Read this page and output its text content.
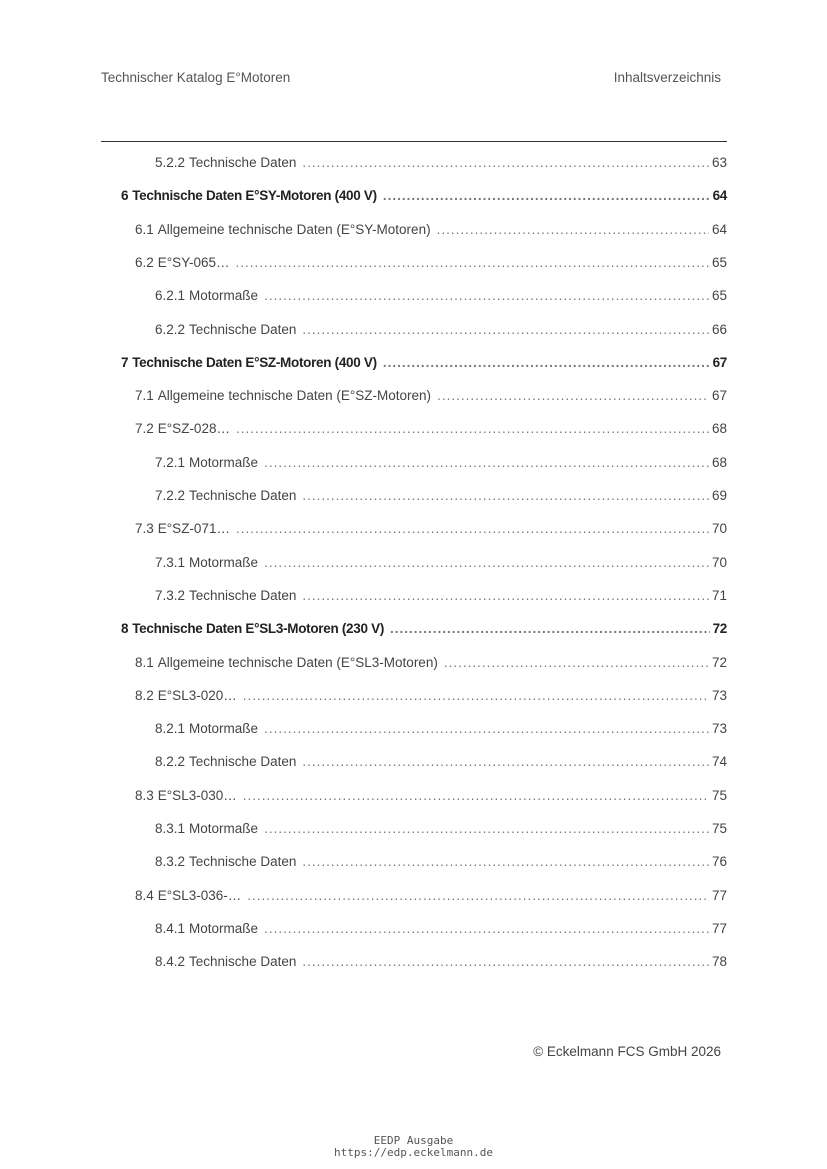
Technischer Katalog E°Motoren	Inhaltsverzeichnis
5.2.2 Technische Daten .....	63
6 Technische Daten E°SY-Motoren (400 V) .....	64
6.1 Allgemeine technische Daten (E°SY-Motoren) .....	64
6.2 E°SY-065… .....	65
6.2.1 Motormaße .....	65
6.2.2 Technische Daten .....	66
7 Technische Daten E°SZ-Motoren (400 V) .....	67
7.1 Allgemeine technische Daten (E°SZ-Motoren) .....	67
7.2 E°SZ-028… .....	68
7.2.1 Motormaße .....	68
7.2.2 Technische Daten .....	69
7.3 E°SZ-071… .....	70
7.3.1 Motormaße .....	70
7.3.2 Technische Daten .....	71
8 Technische Daten E°SL3-Motoren (230 V) .....	72
8.1 Allgemeine technische Daten (E°SL3-Motoren) .....	72
8.2 E°SL3-020… .....	73
8.2.1 Motormaße .....	73
8.2.2 Technische Daten .....	74
8.3 E°SL3-030… .....	75
8.3.1 Motormaße .....	75
8.3.2 Technische Daten .....	76
8.4 E°SL3-036-… .....	77
8.4.1 Motormaße .....	77
8.4.2 Technische Daten .....	78
© Eckelmann FCS GmbH 2026
EEDP Ausgabe
https://edp.eckelmann.de
